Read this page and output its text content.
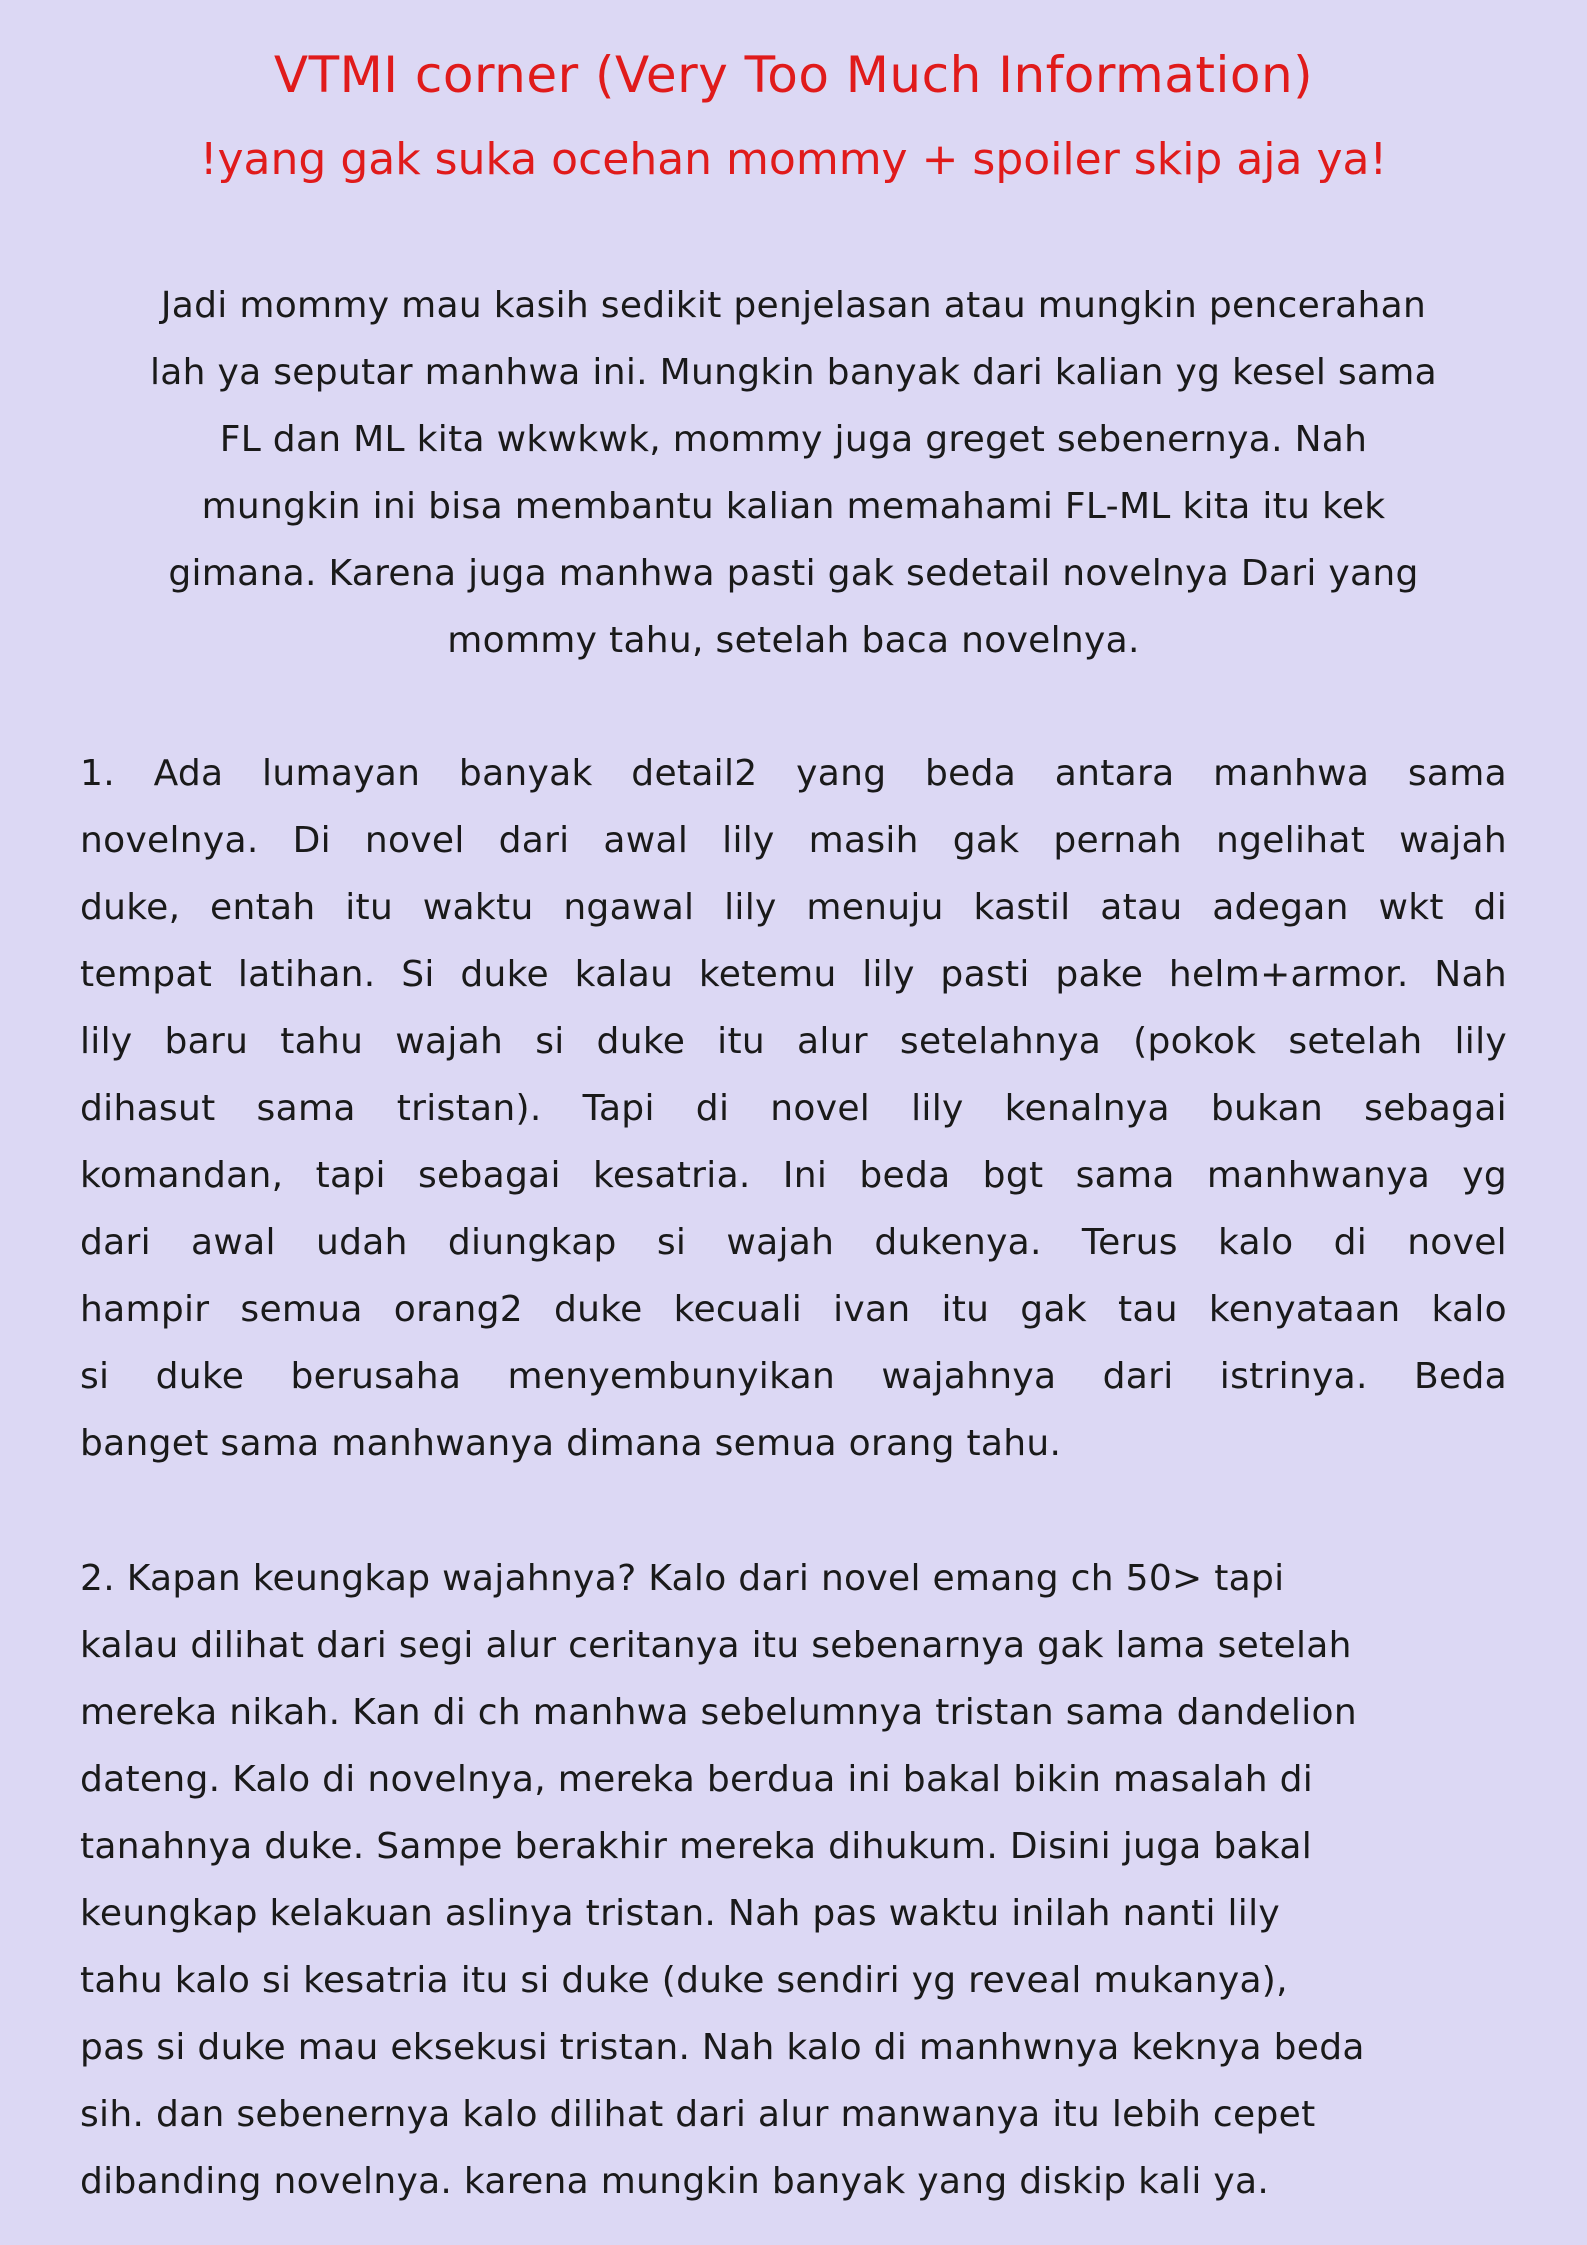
VTMI corner (Very Too Much Information)
!yang gak suka ocehan mommy + spoiler skip aja ya!

Jadi mommy mau kasih sedikit penjelasan atau mungkin pencerahan
lah ya seputar manhwa ini. Mungkin banyak dari kalian yg kesel sama
FL dan ML kita wkwkwk, mommy juga greget sebenernya. Nah
mungkin ini bisa membantu kalian memahami FL-ML kita itu kek
gimana. Karena juga manhwa pasti gak sedetail novelnya Dari yang
mommy tahu, setelah baca novelnya.

1. Ada lumayan banyak detail2 yang beda antara manhwa sama
novelnya. Di novel dari awal lily masih gak pernah ngelihat wajah
duke, entah itu waktu ngawal lily menuju kastil atau adegan wkt di
tempat latihan. Si duke kalau ketemu lily pasti pake helm+armor. Nah
lily baru tahu wajah si duke itu alur setelahnya (pokok setelah lily
dihasut sama tristan). Tapi di novel lily kenalnya bukan sebagai
komandan, tapi sebagai kesatria. Ini beda bgt sama manhwanya yg
dari awal udah diungkap si wajah dukenya. Terus kalo di novel
hampir semua orang2 duke kecuali ivan itu gak tau kenyataan kalo
si duke berusaha menyembunyikan wajahnya dari istrinya. Beda
banget sama manhwanya dimana semua orang tahu.

2. Kapan keungkap wajahnya? Kalo dari novel emang ch 50> tapi
kalau dilihat dari segi alur ceritanya itu sebenarnya gak lama setelah
mereka nikah. Kan di ch manhwa sebelumnya tristan sama dandelion
dateng. Kalo di novelnya, mereka berdua ini bakal bikin masalah di
tanahnya duke. Sampe berakhir mereka dihukum. Disini juga bakal
keungkap kelakuan aslinya tristan. Nah pas waktu inilah nanti lily
tahu kalo si kesatria itu si duke (duke sendiri yg reveal mukanya),
pas si duke mau eksekusi tristan. Nah kalo di manhwnya keknya beda
sih. dan sebenernya kalo dilihat dari alur manwanya itu lebih cepet
dibanding novelnya. karena mungkin banyak yang diskip kali ya.
